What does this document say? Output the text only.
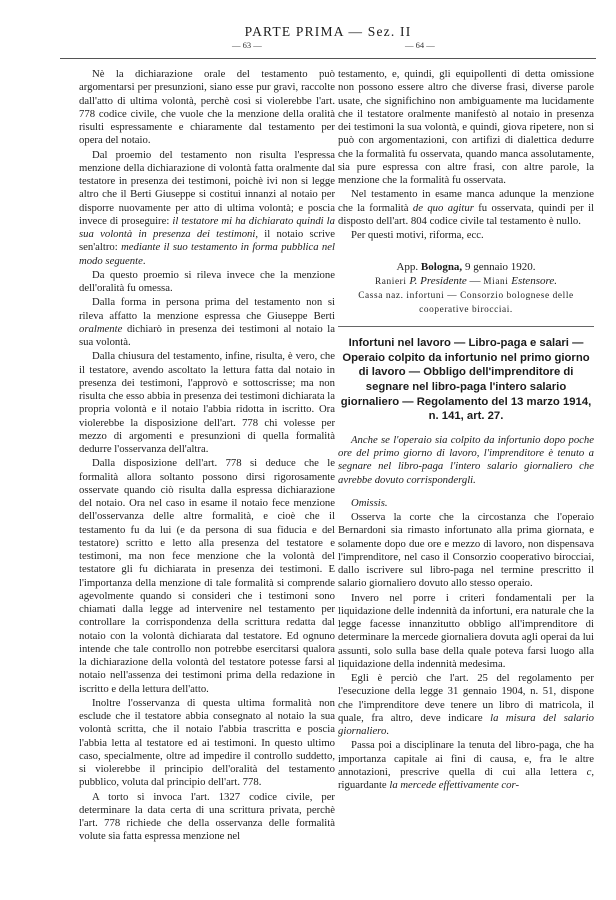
— 63 —
PARTE PRIMA — Sez. II
— 64 —

Nè la dichiarazione orale del testamento può argomentarsi per presunzioni, siano esse pur gravi, raccolte dall'atto di ultima volontà, perchè così si violerebbe l'art. 778 codice civile, che vuole che la menzione della oralità risulti espressamente e chiaramente dal testamento per opera del notaio.

Dal proemio del testamento non risulta l'espressa menzione della dichiarazione di volontà fatta oralmente dal testatore in presenza dei testimoni, poichè ivi non si legge altro che il Berti Giuseppe si costituì innanzi al notaio per disporre nuovamente per atto di ultima volontà; e poscia invece di proseguire: il testatore mi ha dichiarato quindi la sua volontà in presenza dei testimoni, il notaio scrive sen'altro: mediante il suo testamento in forma pubblica nel modo seguente.

Da questo proemio si rileva invece che la menzione dell'oralità fu omessa.

Dalla forma in persona prima del testamento non si rileva affatto la menzione espressa che Giuseppe Berti oralmente dichiarò in presenza dei testimoni al notaio la sua volontà.

Dalla chiusura del testamento, infine, risulta, è vero, che il testatore, avendo ascoltato la lettura fatta dal notaio in presenza dei testimoni, l'approvò e sottoscrisse; ma non risulta che esso abbia in presenza dei testimoni dichiarata la propria volontà e il notaio l'abbia ridotta in iscritto. Ora violerebbe la disposizione dell'art. 778 chi volesse per mezzo di argomenti e presunzioni di quella formalità dedurre l'osservanza dell'altra.

Dalla disposizione dell'art. 778 si deduce che le formalità allora soltanto possono dirsi rigorosamente osservate quando ciò risulta dalla espressa dichiarazione del notaio. Ora nel caso in esame il notaio fece menzione dell'osservanza delle altre formalità, e cioè che il testamento fu da lui (e da persona di sua fiducia e del testatore) scritto e letto alla presenza del testatore e testimoni, ma non fece menzione che la volontà del testatore gli fu dichiarata in presenza dei testimoni. E l'importanza della menzione di tale formalità si comprende agevolmente quando si consideri che i testimoni sono chiamati dalla legge ad intervenire nel testamento per controllare la corrispondenza della scrittura redatta dal notaio con la volontà dichiarata dal testatore. Ed ognuno intende che tale controllo non potrebbe esercitarsi qualora la dichiarazione della volontà del testatore potesse farsi al notaio nell'assenza dei testimoni prima della redazione in iscritto e della lettura dell'atto.

Inoltre l'osservanza di questa ultima formalità non esclude che il testatore abbia consegnato al notaio la sua volontà scritta, che il notaio l'abbia trascritta e poscia l'abbia letta al testatore ed ai testimoni. In questo ultimo caso, specialmente, oltre ad impedire il controllo suddetto, si violerebbe il principio dell'oralità del testamento pubblico, voluta dal principio dell'art. 778.

A torto si invoca l'art. 1327 codice civile, per determinare la data certa di una scrittura privata, perchè l'art. 778 richiede che della osservanza delle formalità volute sia fatta espressa menzione nel

testamento, e, quindi, gli equipollenti di detta omissione non possono essere altro che diverse frasi, diverse parole usate, che significhino non ambiguamente ma lucidamente che il testatore oralmente manifestò al notaio in presenza dei testimoni la sua volontà, e quindi, giova ripetere, non si può con argomentazioni, con artifizi di dialettica dedurre che la formalità fu osservata, quando manca assolutamente, sia pure espressa con altre frasi, con altre parole, la menzione che la formalità fu osservata.

Nel testamento in esame manca adunque la menzione che la formalità de quo agitur fu osservata, quindi per il disposto dell'art. 804 codice civile tal testamento è nullo.

Per questi motivi, riforma, ecc.

App. Bologna, 9 gennaio 1920.
Ranieri P. Presidente — Miani Estensore.
Cassa naz. infortuni — Consorzio bolognese delle cooperative birocciai.
Infortuni nel lavoro — Libro-paga e salari — Operaio colpito da infortunio nel primo giorno di lavoro — Obbligo dell'imprenditore di segnare nel libro-paga l'intero salario giornaliero — Regolamento del 13 marzo 1914, n. 141, art. 27.

Anche se l'operaio sia colpito da infortunio dopo poche ore del primo giorno di lavoro, l'imprenditore è tenuto a segnare nel libro-paga l'intero salario giornaliero che avrebbe dovuto corrispondergli.

Omissis.

Osserva la corte che la circostanza che l'operaio Bernardoni sia rimasto infortunato alla prima giornata, e solamente dopo due ore e mezzo di lavoro, non dispensava l'imprenditore, nel caso il Consorzio cooperativo birocciai, dallo iscrivere sul libro-paga nel termine prescritto il salario giornaliero dovuto allo stesso operaio.

Invero nel porre i criteri fondamentali per la liquidazione delle indennità da infortuni, era naturale che la legge facesse innanzitutto obbligo all'imprenditore di determinare la mercede giornaliera dovuta agli operai da lui assunti, solo sulla base della quale poteva farsi luogo alla liquidazione della indennità medesima.

Egli è perciò che l'art. 25 del regolamento per l'esecuzione della legge 31 gennaio 1904, n. 51, dispone che l'imprenditore deve tenere un libro di matricola, il quale, fra altro, deve indicare la misura del salario giornaliero.

Passa poi a disciplinare la tenuta del libro-paga, che ha importanza capitale ai fini di causa, e, fra le altre annotazioni, prescrive quella di cui alla lettera c, riguardante la mercede effettivamente cor-
